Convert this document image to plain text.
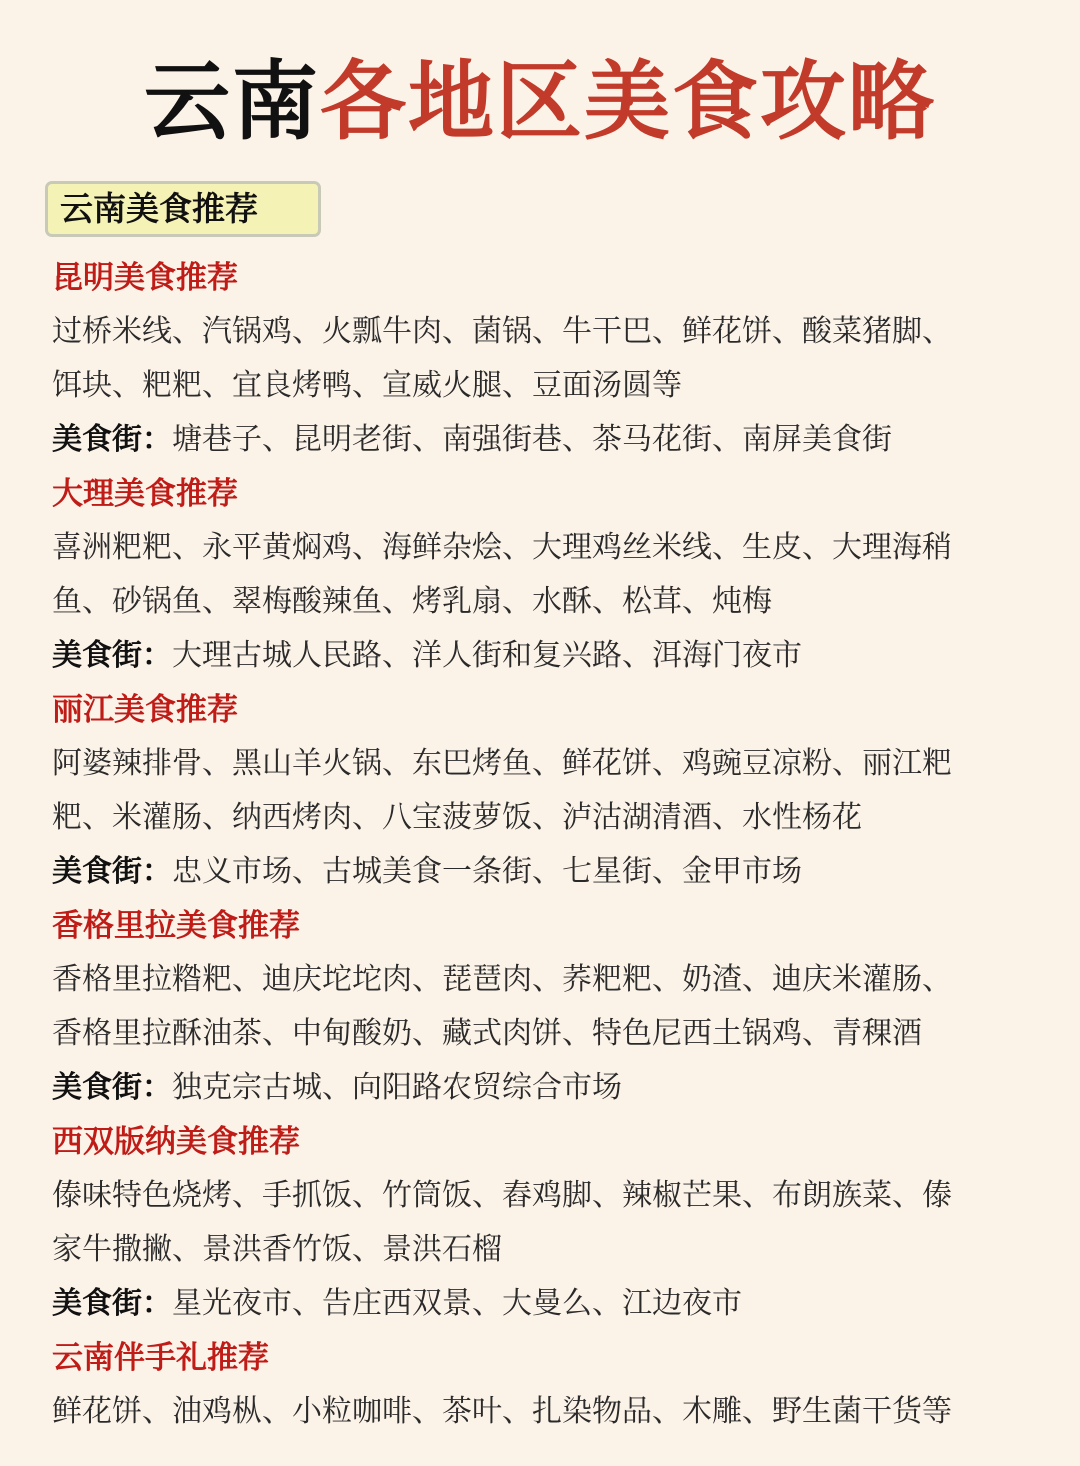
云南各地区美食攻略
云南美食推荐
昆明美食推荐

过桥米线、汽锅鸡、火瓢牛肉、菌锅、牛干巴、鲜花饼、酸菜猪脚、
饵块、粑粑、宜良烤鸭、宣威火腿、豆面汤圆等

美食街：塘巷子、昆明老街、南强街巷、茶马花街、南屏美食街

大理美食推荐

喜洲粑粑、永平黄焖鸡、海鲜杂烩、大理鸡丝米线、生皮、大理海稍
鱼、砂锅鱼、翠梅酸辣鱼、烤乳扇、水酥、松茸、炖梅

美食街：大理古城人民路、洋人街和复兴路、洱海门夜市

丽江美食推荐

阿婆辣排骨、黑山羊火锅、东巴烤鱼、鲜花饼、鸡豌豆凉粉、丽江粑
粑、米灌肠、纳西烤肉、八宝菠萝饭、泸沽湖清酒、水性杨花

美食街：忠义市场、古城美食一条街、七星街、金甲市场

香格里拉美食推荐

香格里拉糌粑、迪庆坨坨肉、琵琶肉、荞粑粑、奶渣、迪庆米灌肠、
香格里拉酥油茶、中甸酸奶、藏式肉饼、特色尼西土锅鸡、青稞酒

美食街：独克宗古城、向阳路农贸综合市场

西双版纳美食推荐

傣味特色烧烤、手抓饭、竹筒饭、舂鸡脚、辣椒芒果、布朗族菜、傣
家牛撒撇、景洪香竹饭、景洪石榴

美食街：星光夜市、告庄西双景、大曼么、江边夜市

云南伴手礼推荐

鲜花饼、油鸡枞、小粒咖啡、茶叶、扎染物品、木雕、野生菌干货等
